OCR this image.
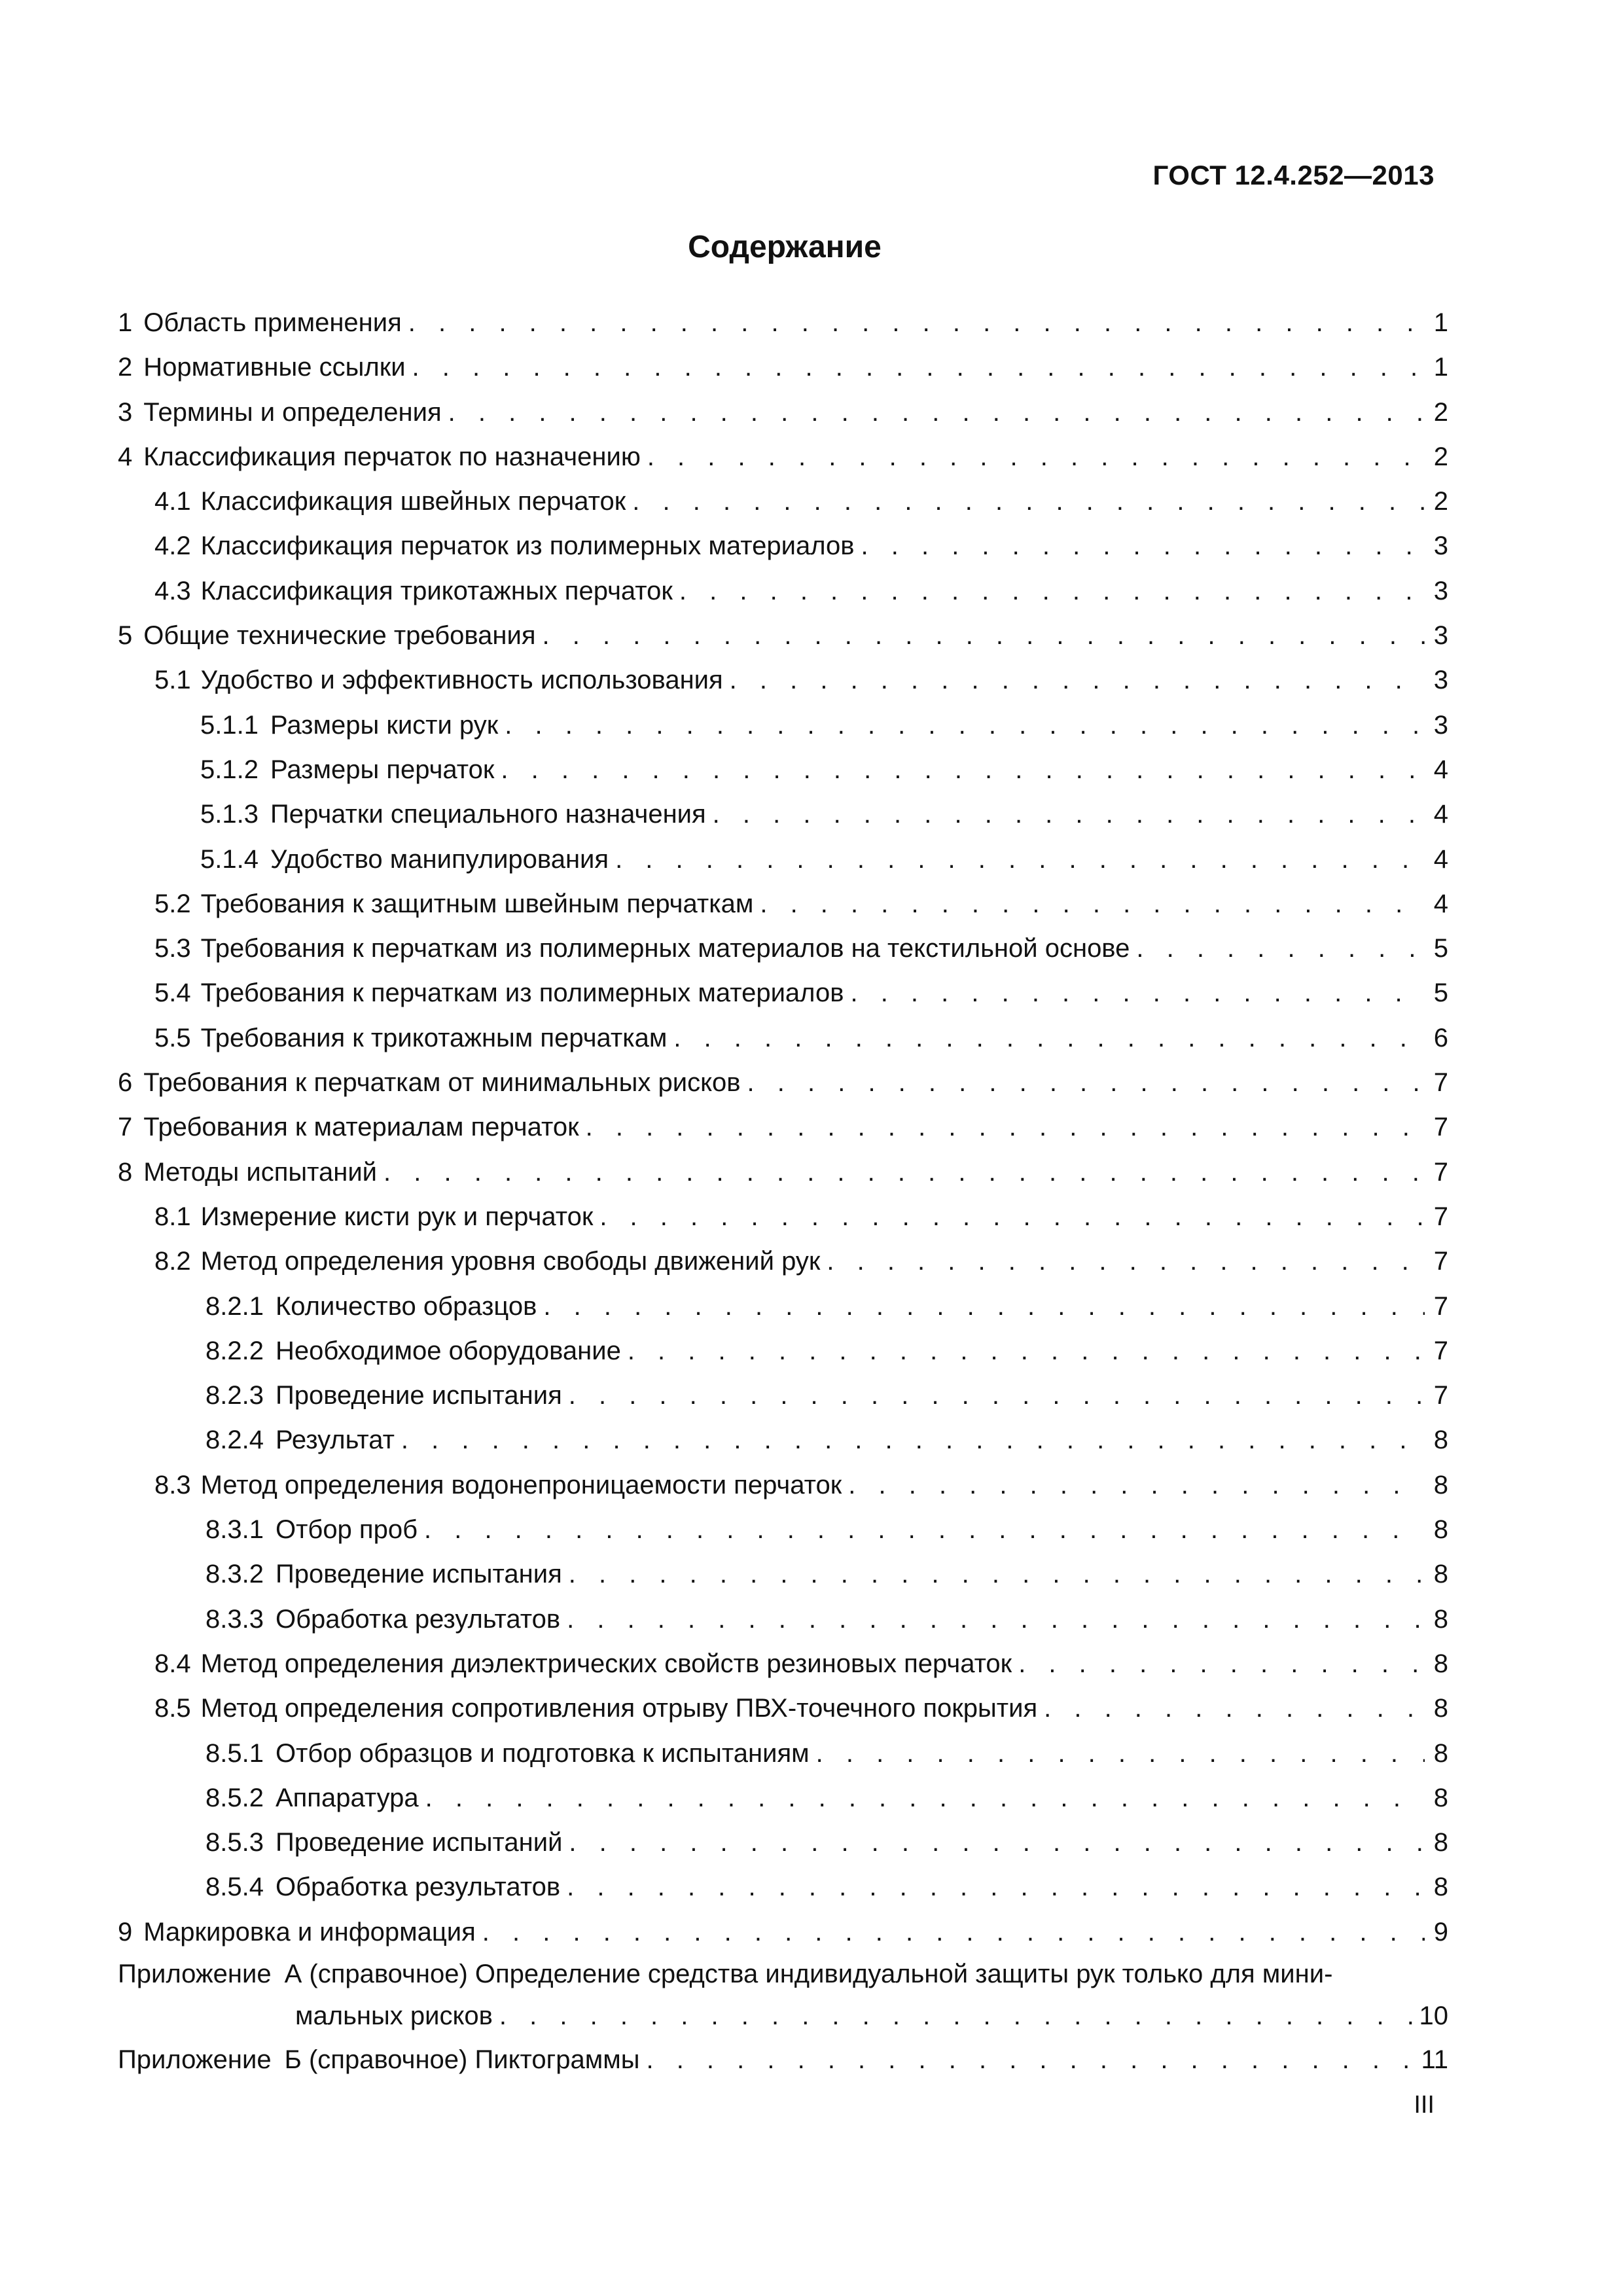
ГОСТ 12.4.252—2013
Содержание
1 Область применения . . .	1
2 Нормативные ссылки . . .	1
3 Термины и определения . . .	2
4 Классификация перчаток по назначению . . .	2
4.1 Классификация швейных перчаток . . .	2
4.2 Классификация перчаток из полимерных материалов . . .	3
4.3 Классификация трикотажных перчаток . . .	3
5 Общие технические требования . . .	3
5.1 Удобство и эффективность использования . . .	3
5.1.1 Размеры кисти рук . . .	3
5.1.2 Размеры перчаток . . .	4
5.1.3 Перчатки специального назначения . . .	4
5.1.4 Удобство манипулирования . . .	4
5.2 Требования к защитным швейным перчаткам . . .	4
5.3 Требования к перчаткам из полимерных материалов на текстильной основе . . .	5
5.4 Требования к перчаткам из полимерных материалов . . .	5
5.5 Требования к трикотажным перчаткам . . .	6
6 Требования к перчаткам от минимальных рисков . . .	7
7 Требования к материалам перчаток . . .	7
8 Методы испытаний . . .	7
8.1 Измерение кисти рук и перчаток . . .	7
8.2 Метод определения уровня свободы движений рук . . .	7
8.2.1 Количество образцов . . .	7
8.2.2 Необходимое оборудование . . .	7
8.2.3 Проведение испытания . . .	7
8.2.4 Результат . . .	8
8.3 Метод определения водонепроницаемости перчаток . . .	8
8.3.1 Отбор проб . . .	8
8.3.2 Проведение испытания . . .	8
8.3.3 Обработка результатов . . .	8
8.4 Метод определения диэлектрических свойств резиновых перчаток . . .	8
8.5 Метод определения сопротивления отрыву ПВХ-точечного покрытия . . .	8
8.5.1 Отбор образцов и подготовка к испытаниям . . .	8
8.5.2 Аппаратура . . .	8
8.5.3 Проведение испытаний . . .	8
8.5.4 Обработка результатов . . .	8
9 Маркировка и информация . . .	9
Приложение А (справочное) Определение средства индивидуальной защиты рук только для мини-
мальных рисков . . .	10
Приложение Б (справочное) Пиктограммы . . .	11
III
